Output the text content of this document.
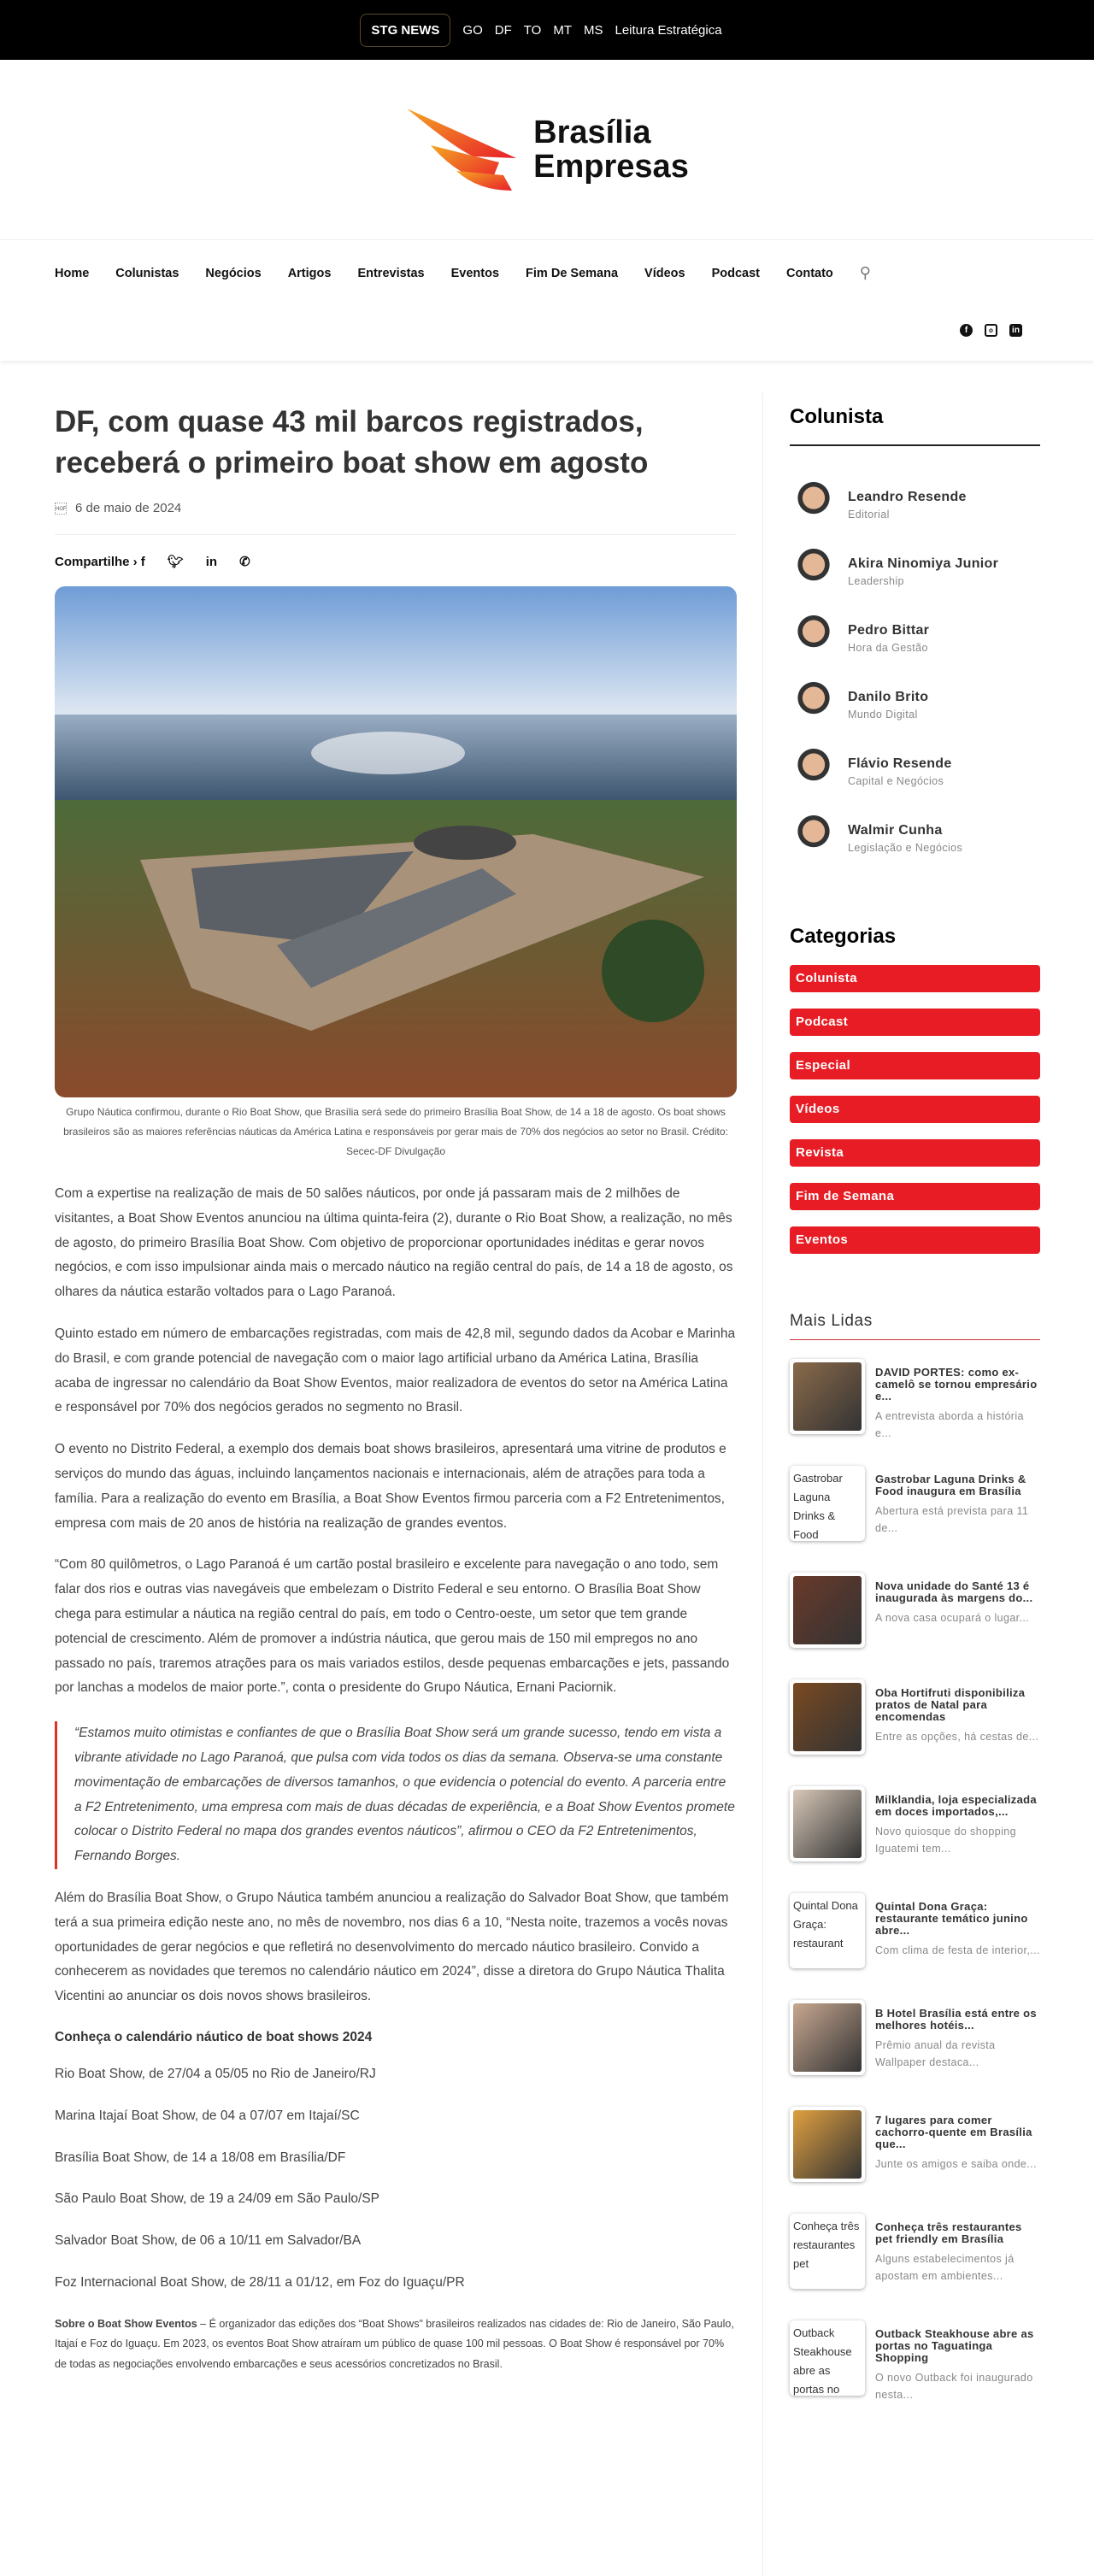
STG NEWS	GO DF TO MT MS Leitura Estratégica
Brasília
Empresas
Home Colunistas Negócios Artigos Entrevistas Eventos Fim De Semana Vídeos Podcast Contato ⚲
f	o	in
DF, com quase 43 mil barcos registrados, receberá o primeiro boat show em agosto
HOF 6 de maio de 2024
Compartilhe › f 🐦︎ in ✆

Grupo Náutica confirmou, durante o Rio Boat Show, que Brasília será sede do primeiro Brasília Boat Show, de 14 a 18 de agosto. Os boat shows brasileiros são as maiores referências náuticas da América Latina e responsáveis por gerar mais de 70% dos negócios ao setor no Brasil. Crédito: Secec-DF Divulgação

Com a expertise na realização de mais de 50 salões náuticos, por onde já passaram mais de 2 milhões de visitantes, a Boat Show Eventos anunciou na última quinta-feira (2), durante o Rio Boat Show, a realização, no mês de agosto, do primeiro Brasília Boat Show. Com objetivo de proporcionar oportunidades inéditas e gerar novos negócios, e com isso impulsionar ainda mais o mercado náutico na região central do país, de 14 a 18 de agosto, os olhares da náutica estarão voltados para o Lago Paranoá.

Quinto estado em número de embarcações registradas, com mais de 42,8 mil, segundo dados da Acobar e Marinha do Brasil, e com grande potencial de navegação com o maior lago artificial urbano da América Latina, Brasília acaba de ingressar no calendário da Boat Show Eventos, maior realizadora de eventos do setor na América Latina e responsável por 70% dos negócios gerados no segmento no Brasil.

O evento no Distrito Federal, a exemplo dos demais boat shows brasileiros, apresentará uma vitrine de produtos e serviços do mundo das águas, incluindo lançamentos nacionais e internacionais, além de atrações para toda a família. Para a realização do evento em Brasília, a Boat Show Eventos firmou parceria com a F2 Entretenimentos, empresa com mais de 20 anos de história na realização de grandes eventos.

“Com 80 quilômetros, o Lago Paranoá é um cartão postal brasileiro e excelente para navegação o ano todo, sem falar dos rios e outras vias navegáveis que embelezam o Distrito Federal e seu entorno. O Brasília Boat Show chega para estimular a náutica na região central do país, em todo o Centro-oeste, um setor que tem grande potencial de crescimento. Além de promover a indústria náutica, que gerou mais de 150 mil empregos no ano passado no país, traremos atrações para os mais variados estilos, desde pequenas embarcações e jets, passando por lanchas a modelos de maior porte.”, conta o presidente do Grupo Náutica, Ernani Paciornik.

“Estamos muito otimistas e confiantes de que o Brasília Boat Show será um grande sucesso, tendo em vista a vibrante atividade no Lago Paranoá, que pulsa com vida todos os dias da semana. Observa-se uma constante movimentação de embarcações de diversos tamanhos, o que evidencia o potencial do evento. A parceria entre a F2 Entretenimento, uma empresa com mais de duas décadas de experiência, e a Boat Show Eventos promete colocar o Distrito Federal no mapa dos grandes eventos náuticos”, afirmou o CEO da F2 Entretenimentos, Fernando Borges.

Além do Brasília Boat Show, o Grupo Náutica também anunciou a realização do Salvador Boat Show, que também terá a sua primeira edição neste ano, no mês de novembro, nos dias 6 a 10, “Nesta noite, trazemos a vocês novas oportunidades de gerar negócios e que refletirá no desenvolvimento do mercado náutico brasileiro. Convido a conhecerem as novidades que teremos no calendário náutico em 2024”, disse a diretora do Grupo Náutica Thalita Vicentini ao anunciar os dois novos shows brasileiros.

Conheça o calendário náutico de boat shows 2024

Rio Boat Show, de 27/04 a 05/05 no Rio de Janeiro/RJ

Marina Itajaí Boat Show, de 04 a 07/07 em Itajaí/SC

Brasília Boat Show, de 14 a 18/08 em Brasília/DF

São Paulo Boat Show, de 19 a 24/09 em São Paulo/SP

Salvador Boat Show, de 06 a 10/11 em Salvador/BA

Foz Internacional Boat Show, de 28/11 a 01/12, em Foz do Iguaçu/PR

Sobre o Boat Show Eventos – É organizador das edições dos “Boat Shows” brasileiros realizados nas cidades de: Rio de Janeiro, São Paulo, Itajaí e Foz do Iguaçu. Em 2023, os eventos Boat Show atraíram um público de quase 100 mil pessoas. O Boat Show é responsável por 70% de todas as negociações envolvendo embarcações e seus acessórios concretizados no Brasil.

Colunista
Leandro Resende
Editorial
Akira Ninomiya Junior
Leadership
Pedro Bittar
Hora da Gestão
Danilo Brito
Mundo Digital
Flávio Resende
Capital e Negócios
Walmir Cunha
Legislação e Negócios
Categorias
Colunista
Podcast
Especial
Vídeos
Revista
Fim de Semana
Eventos
Mais Lidas
DAVID PORTES: como ex-camelô se tornou empresário e...
A entrevista aborda a história e...
Gastrobar Laguna Drinks & Food
Gastrobar Laguna Drinks & Food inaugura em Brasília
Abertura está prevista para 11 de...
Nova unidade do Santé 13 é inaugurada às margens do...
A nova casa ocupará o lugar...
Oba Hortifruti disponibiliza pratos de Natal para encomendas
Entre as opções, há cestas de...
Milklandia, loja especializada em doces importados,...
Novo quiosque do shopping Iguatemi tem...
Quintal Dona Graça: restaurant
Quintal Dona Graça: restaurante temático junino abre...
Com clima de festa de interior,...
B Hotel Brasília está entre os melhores hotéis...
Prêmio anual da revista Wallpaper destaca...
7 lugares para comer cachorro-quente em Brasília que...
Junte os amigos e saiba onde...
Conheça três restaurantes pet
Conheça três restaurantes pet friendly em Brasília
Alguns estabelecimentos já apostam em ambientes...
Outback Steakhouse abre as portas no
Outback Steakhouse abre as portas no Taguatinga Shopping
O novo Outback foi inaugurado nesta...
